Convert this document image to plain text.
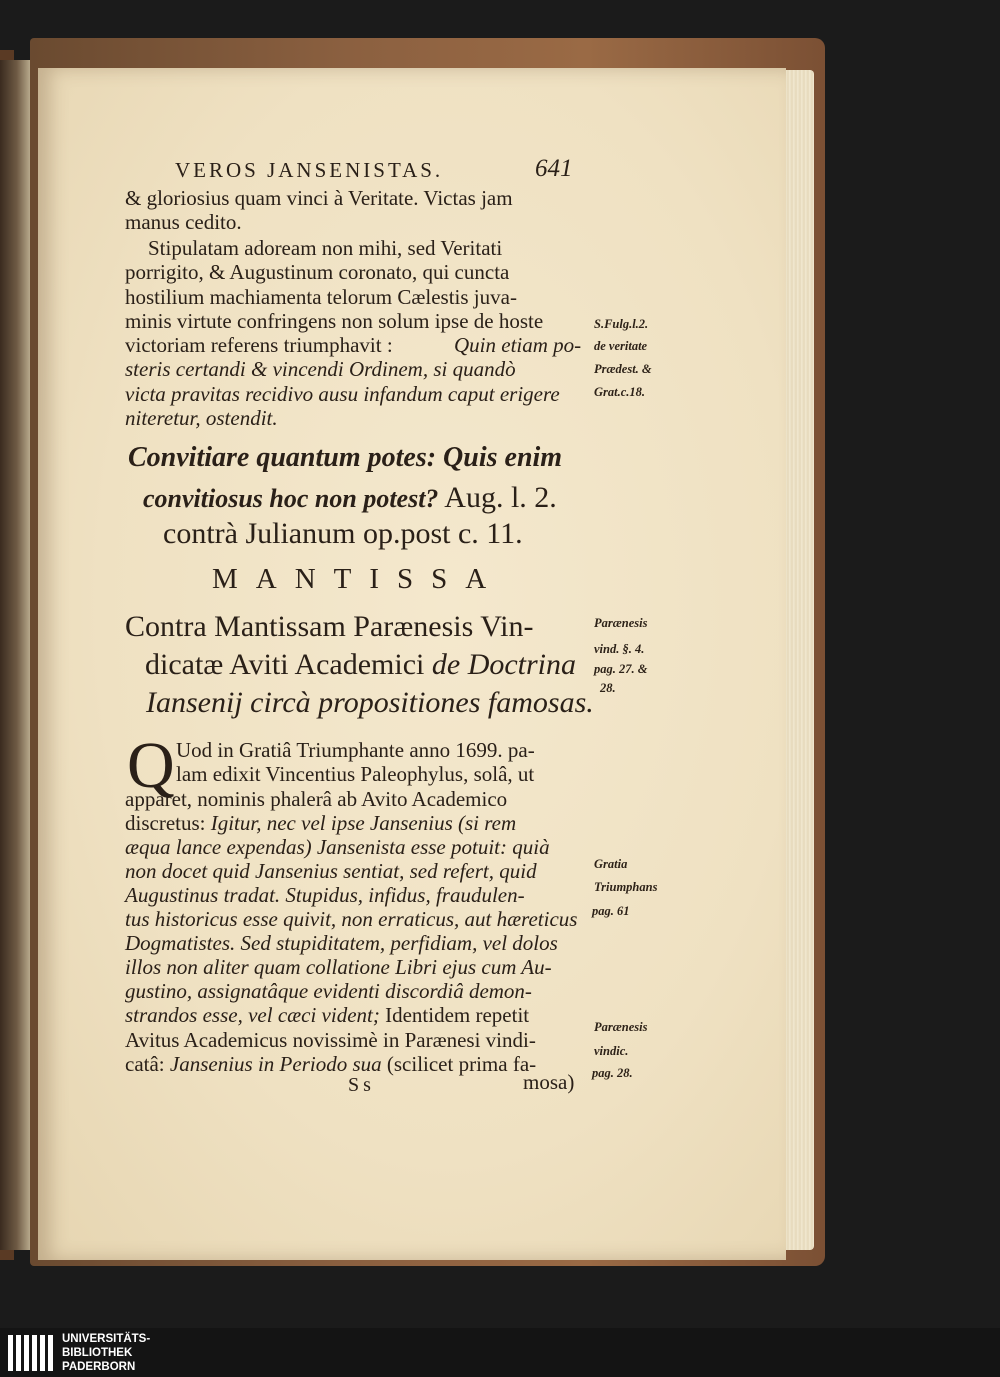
VEROS JANSENISTAS.	641
& gloriosius quam vinci à Veritate. Victas jam
manus cedito.
Stipulatam adoream non mihi, sed Veritati
porrigito, & Augustinum coronato, qui cuncta
hostilium machiamenta telorum Cælestis juva-
minis virtute confringens non solum ipse de hoste
victoriam referens triumphavit :	Quin etiam po-
steris certandi & vincendi Ordinem, si quandò
victa pravitas recidivo ausu infandum caput erigere
niteretur, ostendit.
S.Fulg.l.2.
de veritate
Prædest. &
Grat.c.18.
Convitiare quantum potes: Quis enim
convitiosus hoc non potest? Aug. l. 2.
contrà Julianum op.post c. 11.
MANTISSA
Contra Mantissam Parænesis Vin-
dicatæ Aviti Academici de Doctrina
Iansenij circà propositiones famosas.
Parænesis
vind. §. 4.
pag. 27. &
28.
Q Uod in Gratiâ Triumphante anno 1699. pa-
lam edixit Vincentius Paleophylus, solâ, ut
apparet, nominis phalerâ ab Avito Academico
discretus: Igitur, nec vel ipse Jansenius (si rem
æqua lance expendas) Jansenista esse potuit: quià
non docet quid Jansenius sentiat, sed refert, quid
Augustinus tradat. Stupidus, infidus, fraudulen-
tus historicus esse quivit, non erraticus, aut hæreticus
Dogmatistes. Sed stupiditatem, perfidiam, vel dolos
illos non aliter quam collatione Libri ejus cum Au-
gustino, assignatâque evidenti discordiâ demon-
strandos esse, vel cæci vident; Identidem repetit
Avitus Academicus novissimè in Parænesi vindi-
catâ: Jansenius in Periodo sua (scilicet prima fa-
Gratia
Triumphans
pag. 61
Parænesis
vindic.
pag. 28.
Ss	mosa)
UNIVERSITÄTS-
BIBLIOTHEK
PADERBORN
